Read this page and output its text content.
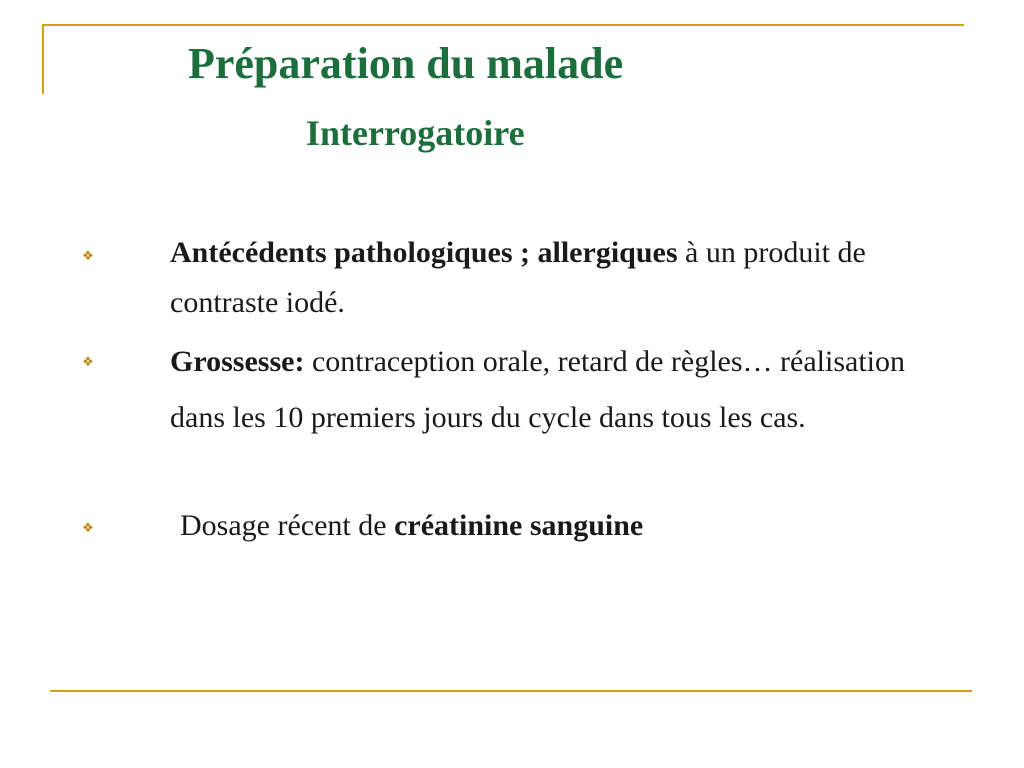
Préparation du malade
Interrogatoire
❖	Antécédents pathologiques ; allergiques à un produit de contraste iodé.
❖	Grossesse: contraception orale, retard de règles… réalisation dans les 10 premiers jours du cycle dans tous les cas.
❖	Dosage récent de créatinine sanguine
